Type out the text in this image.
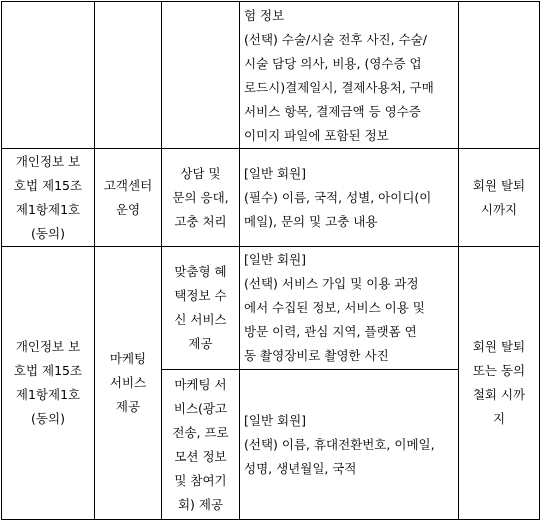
험 정보
(선택) 수술/시술 전후 사진, 수술/
시술 담당 의사, 비용, (영수증 업
로드시)결제일시, 결제사용처, 구매
서비스 항목, 결제금액 등 영수증
이미지 파일에 포함된 정보
개인정보 보
호법 제15조
제1항제1호
(동의)
고객센터
운영
상담 및
문의 응대,
고충 처리
[일반 회원]
(필수) 이름, 국적, 성별, 아이디(이
메일), 문의 및 고충 내용
회원 탈퇴
시까지
개인정보 보
호법 제15조
제1항제1호
(동의)
마케팅
서비스
제공
맞춤형 혜
택정보 수
신 서비스
제공
[일반 회원]
(선택) 서비스 가입 및 이용 과정
에서 수집된 정보, 서비스 이용 및
방문 이력, 관심 지역, 플랫폼 연
동 촬영장비로 촬영한 사진
마케팅 서
비스(광고
전송, 프로
모션 정보
및 참여기
회) 제공
[일반 회원]
(선택) 이름, 휴대전환번호, 이메일,
성명, 생년월일, 국적
회원 탈퇴
또는 동의
철회 시까
지
